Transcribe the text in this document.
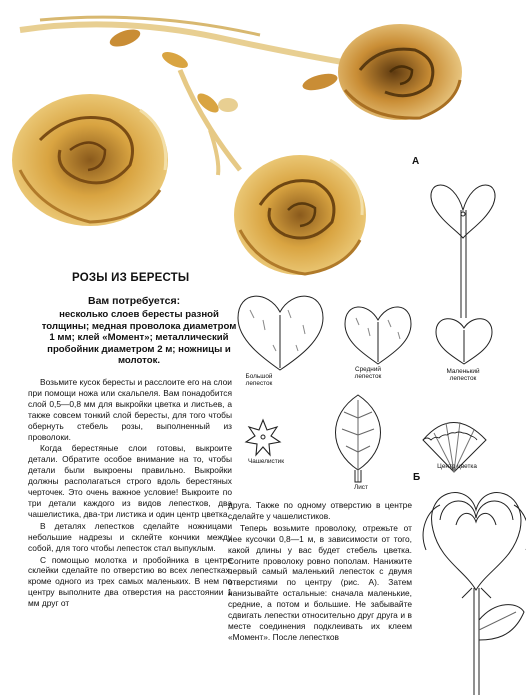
РОЗЫ ИЗ БЕРЕСТЫ
Вам потребуется:
несколько слоев бересты разной толщины; медная проволока диаметром 1 мм; клей «Момент»; металлический пробойник диаметром 2 м; ножницы и молоток.

Возьмите кусок бересты и расслоите его на слои при помощи ножа или скальпеля. Вам понадобится слой 0,5—0,8 мм для выкройки цветка и листьев, а также совсем тонкий слой бересты, для того чтобы обернуть стебель розы, выполненный из проволоки.

Когда берестяные слои готовы, выкроите детали. Обратите особое внимание на то, чтобы детали были выкроены правильно. Выкройки должны располагаться строго вдоль берестяных черточек. Это очень важное условие! Выкроите по три детали каждого из видов лепестков, два чашелистика, два-три листика и один центр цветка.

В деталях лепестков сделайте ножницами небольшие надрезы и склейте кончики между собой, для того чтобы лепесток стал выпуклым.

С помощью молотка и пробойника в центре склейки сделайте по отверстию во всех лепестках, кроме одного из трех самых маленьких. В нем по центру выполните два отверстия на расстоянии 1 мм друг от

друга. Также по одному отверстию в центре сделайте у чашелистиков.

Теперь возьмите проволоку, отрежьте от нее кусочки 0,8—1 м, в зависимости от того, какой длины у вас будет стебель цветка. Согните проволоку ровно пополам. Нанижите первый самый маленький лепесток с двумя отверстиями по центру (рис. А). Затем нанизывайте остальные: сначала маленькие, средние, а потом и большие. Не забывайте сдвигать лепестки относительно друг друга и в месте соединения подклеивать их клеем «Момент». После лепестков

А
Б
Большой лепесток
Средний лепесток
Маленький лепесток
Чашелистик
Лист
Центр цветка
